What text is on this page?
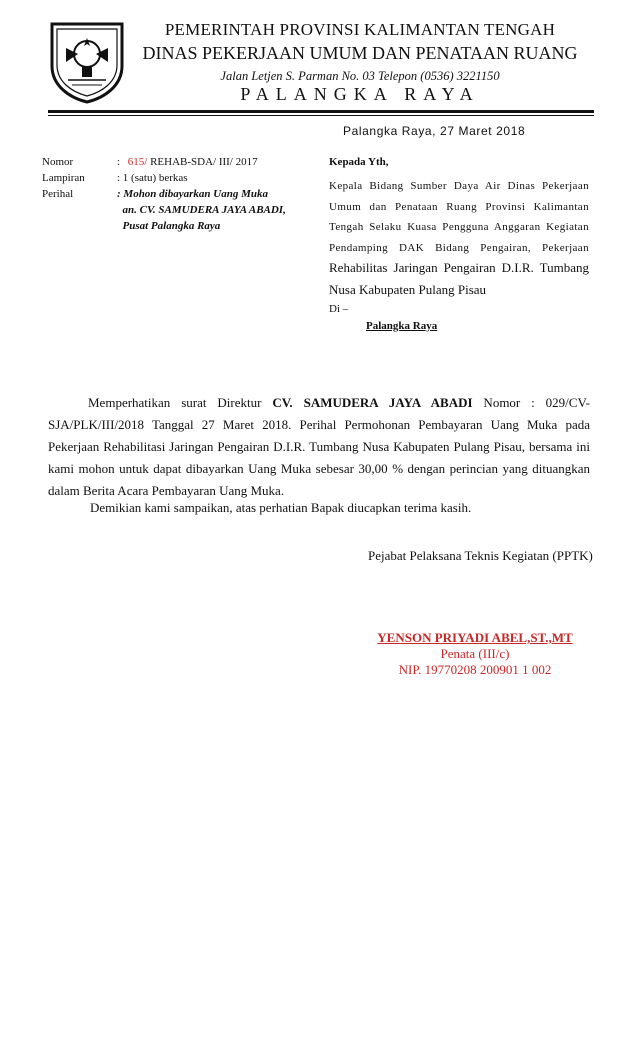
PEMERINTAH PROVINSI KALIMANTAN TENGAH
DINAS PEKERJAAN UMUM DAN PENATAAN RUANG
Jalan Letjen S. Parman No. 03 Telepon (0536) 3221150
PALANGKA RAYA
Palangka Raya, 27 Maret 2018
Nomor	: 615/ REHAB-SDA/ III/ 2017
Lampiran	: 1 (satu) berkas
Perihal	: Mohon dibayarkan Uang Muka
an. CV. SAMUDERA JAYA ABADI,
Pusat Palangka Raya
Kepada Yth,
Kepala Bidang Sumber Daya Air Dinas Pekerjaan Umum dan Penataan Ruang Provinsi Kalimantan Tengah Selaku Kuasa Pengguna Anggaran Kegiatan Pendamping DAK Bidang Pengairan, Pekerjaan Rehabilitas Jaringan Pengairan D.I.R. Tumbang Nusa Kabupaten Pulang Pisau
Di –
Palangka Raya
Memperhatikan surat Direktur CV. SAMUDERA JAYA ABADI Nomor : 029/CV-SJA/PLK/III/2018 Tanggal 27 Maret 2018. Perihal Permohonan Pembayaran Uang Muka pada Pekerjaan Rehabilitasi Jaringan Pengairan D.I.R. Tumbang Nusa Kabupaten Pulang Pisau, bersama ini kami mohon untuk dapat dibayarkan Uang Muka sebesar 30,00 % dengan perincian yang dituangkan dalam Berita Acara Pembayaran Uang Muka.
Demikian kami sampaikan, atas perhatian Bapak diucapkan terima kasih.
Pejabat Pelaksana Teknis Kegiatan (PPTK)
YENSON PRIYADI ABEL,ST.,MT
Penata (III/c)
NIP. 19770208 200901 1 002
